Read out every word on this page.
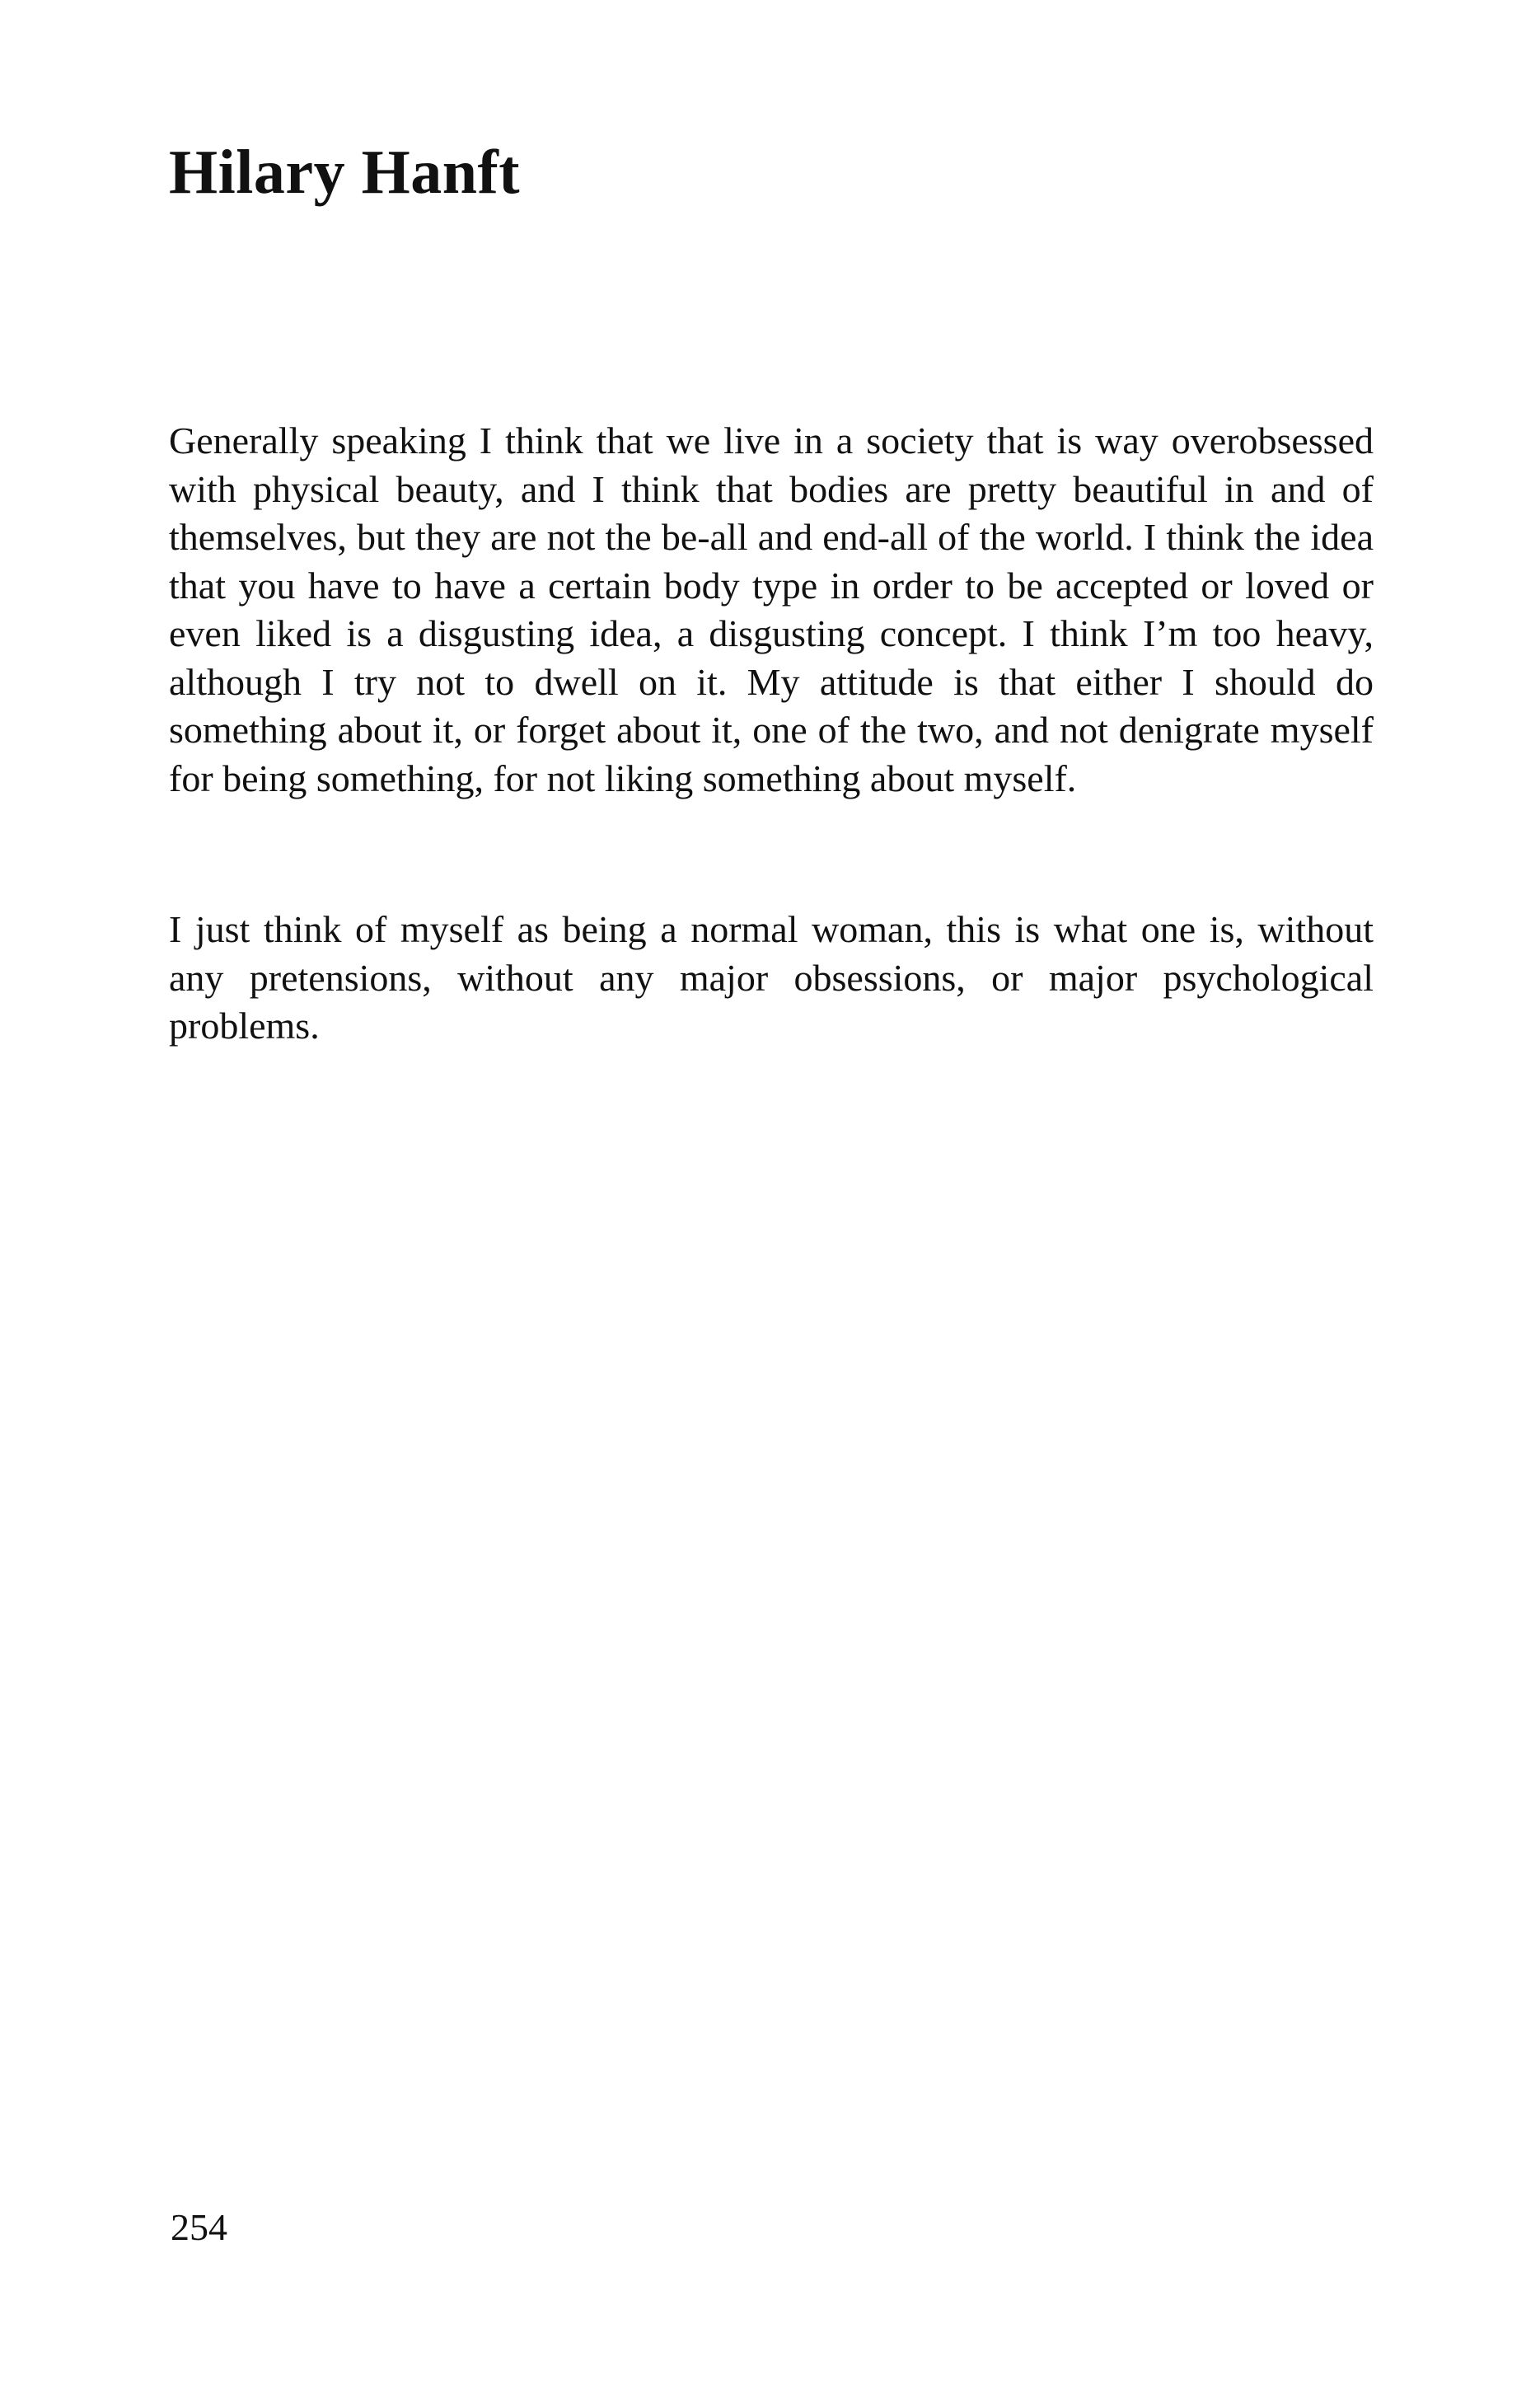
Hilary Hanft

Generally speaking I think that we live in a society that is way overobsessed with physical beauty, and I think that bodies are pretty beautiful in and of themselves, but they are not the be-all and end-all of the world. I think the idea that you have to have a certain body type in order to be accepted or loved or even liked is a disgusting idea, a disgusting concept. I think I’m too heavy, although I try not to dwell on it. My attitude is that either I should do something about it, or forget about it, one of the two, and not denigrate myself for being something, for not liking something about myself.

I just think of myself as being a normal woman, this is what one is, without any pretensions, without any major obsessions, or major psychological problems.

254
